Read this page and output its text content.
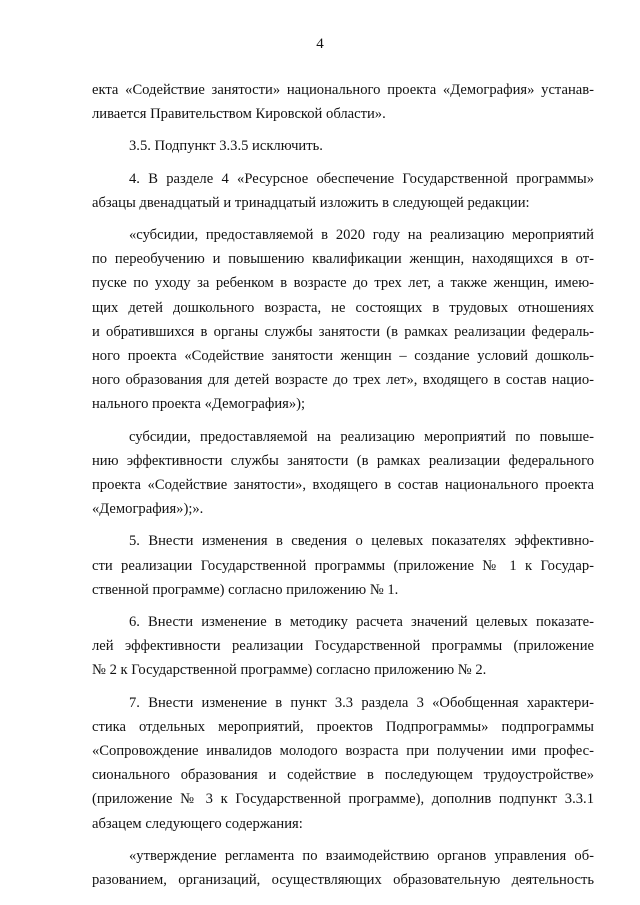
4
екта «Содействие занятости» национального проекта «Демография» устанав-
ливается Правительством Кировской области».
3.5. Подпункт 3.3.5 исключить.
4. В разделе 4 «Ресурсное обеспечение Государственной программы»
абзацы двенадцатый и тринадцатый изложить в следующей редакции:
«субсидии, предоставляемой в 2020 году на реализацию мероприятий
по переобучению и повышению квалификации женщин, находящихся в от-
пуске по уходу за ребенком в возрасте до трех лет, а также женщин, имею-
щих детей дошкольного возраста, не состоящих в трудовых отношениях
и обратившихся в органы службы занятости (в рамках реализации федераль-
ного проекта «Содействие занятости женщин – создание условий дошколь-
ного образования для детей возрасте до трех лет», входящего в состав нацио-
нального проекта «Демография»);
субсидии, предоставляемой на реализацию мероприятий по повыше-
нию эффективности службы занятости (в рамках реализации федерального
проекта «Содействие занятости», входящего в состав национального проекта
«Демография»);».
5. Внести изменения в сведения о целевых показателях эффективно-
сти реализации Государственной программы (приложение № 1 к Государ-
ственной программе) согласно приложению № 1.
6. Внести изменение в методику расчета значений целевых показате-
лей эффективности реализации Государственной программы (приложение
№ 2 к Государственной программе) согласно приложению № 2.
7. Внести изменение в пункт 3.3 раздела 3 «Обобщенная характери-
стика отдельных мероприятий, проектов Подпрограммы» подпрограммы
«Сопровождение инвалидов молодого возраста при получении ими профес-
сионального образования и содействие в последующем трудоустройстве»
(приложение № 3 к Государственной программе), дополнив подпункт 3.3.1
абзацем следующего содержания:
«утверждение регламента по взаимодействию органов управления об-
разованием, организаций, осуществляющих образовательную деятельность
